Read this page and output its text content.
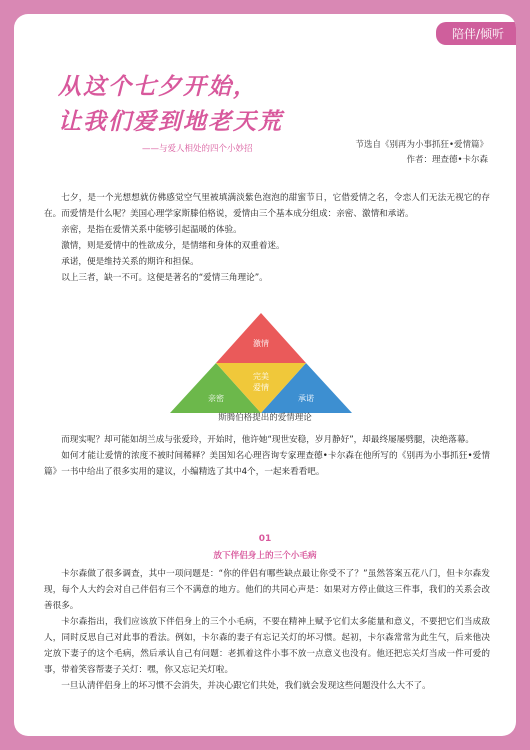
陪伴/倾听
从这个七夕开始，
让我们爱到地老天荒
——与爱人相处的四个小妙招	节选自《别再为小事抓狂•爱情篇》
作者：理查德•卡尔森

七夕，是一个光想想就仿佛感觉空气里被填满淡紫色泡泡的甜蜜节日，它借爱情之名，令恋人们无法无视它的存在。而爱情是什么呢？美国心理学家斯滕伯格说，爱情由三个基本成分组成：亲密、激情和承诺。

亲密，是指在爱情关系中能够引起温暖的体验。

激情，则是爱情中的性欲成分，是情绪和身体的双重着迷。

承诺，便是维持关系的期许和担保。

以上三者，缺一不可。这便是著名的“爱情三角理论”。

激情
完美
爱情
亲密	承诺
斯腾伯格提出的爱情理论

而现实呢？却可能如胡兰成与张爱玲，开始时，他许她“现世安稳，岁月静好”，却最终屡屡劈腿，决绝落幕。

如何才能让爱情的浓度不被时间稀释？美国知名心理咨询专家理查德•卡尔森在他所写的《别再为小事抓狂•爱情篇》一书中给出了很多实用的建议，小编精选了其中4个，一起来看看吧。

01
放下伴侣身上的三个小毛病

卡尔森做了很多调查，其中一项问题是：“你的伴侣有哪些缺点最让你受不了？”虽然答案五花八门，但卡尔森发现，每个人大约会对自己伴侣有三个不满意的地方。他们的共同心声是：如果对方停止做这三件事，我们的关系会改善很多。

卡尔森指出，我们应该放下伴侣身上的三个小毛病，不要在精神上赋予它们太多能量和意义，不要把它们当成敌人，同时反思自己对此事的看法。例如，卡尔森的妻子有忘记关灯的坏习惯。起初，卡尔森常常为此生气，后来他决定放下妻子的这个毛病，然后承认自己有问题：老抓着这件小事不放一点意义也没有。他还把忘关灯当成一件可爱的事，带着笑容帮妻子关灯：嘿，你又忘记关灯啦。

一旦认清伴侣身上的坏习惯不会消失，并决心跟它们共处，我们就会发现这些问题没什么大不了。
